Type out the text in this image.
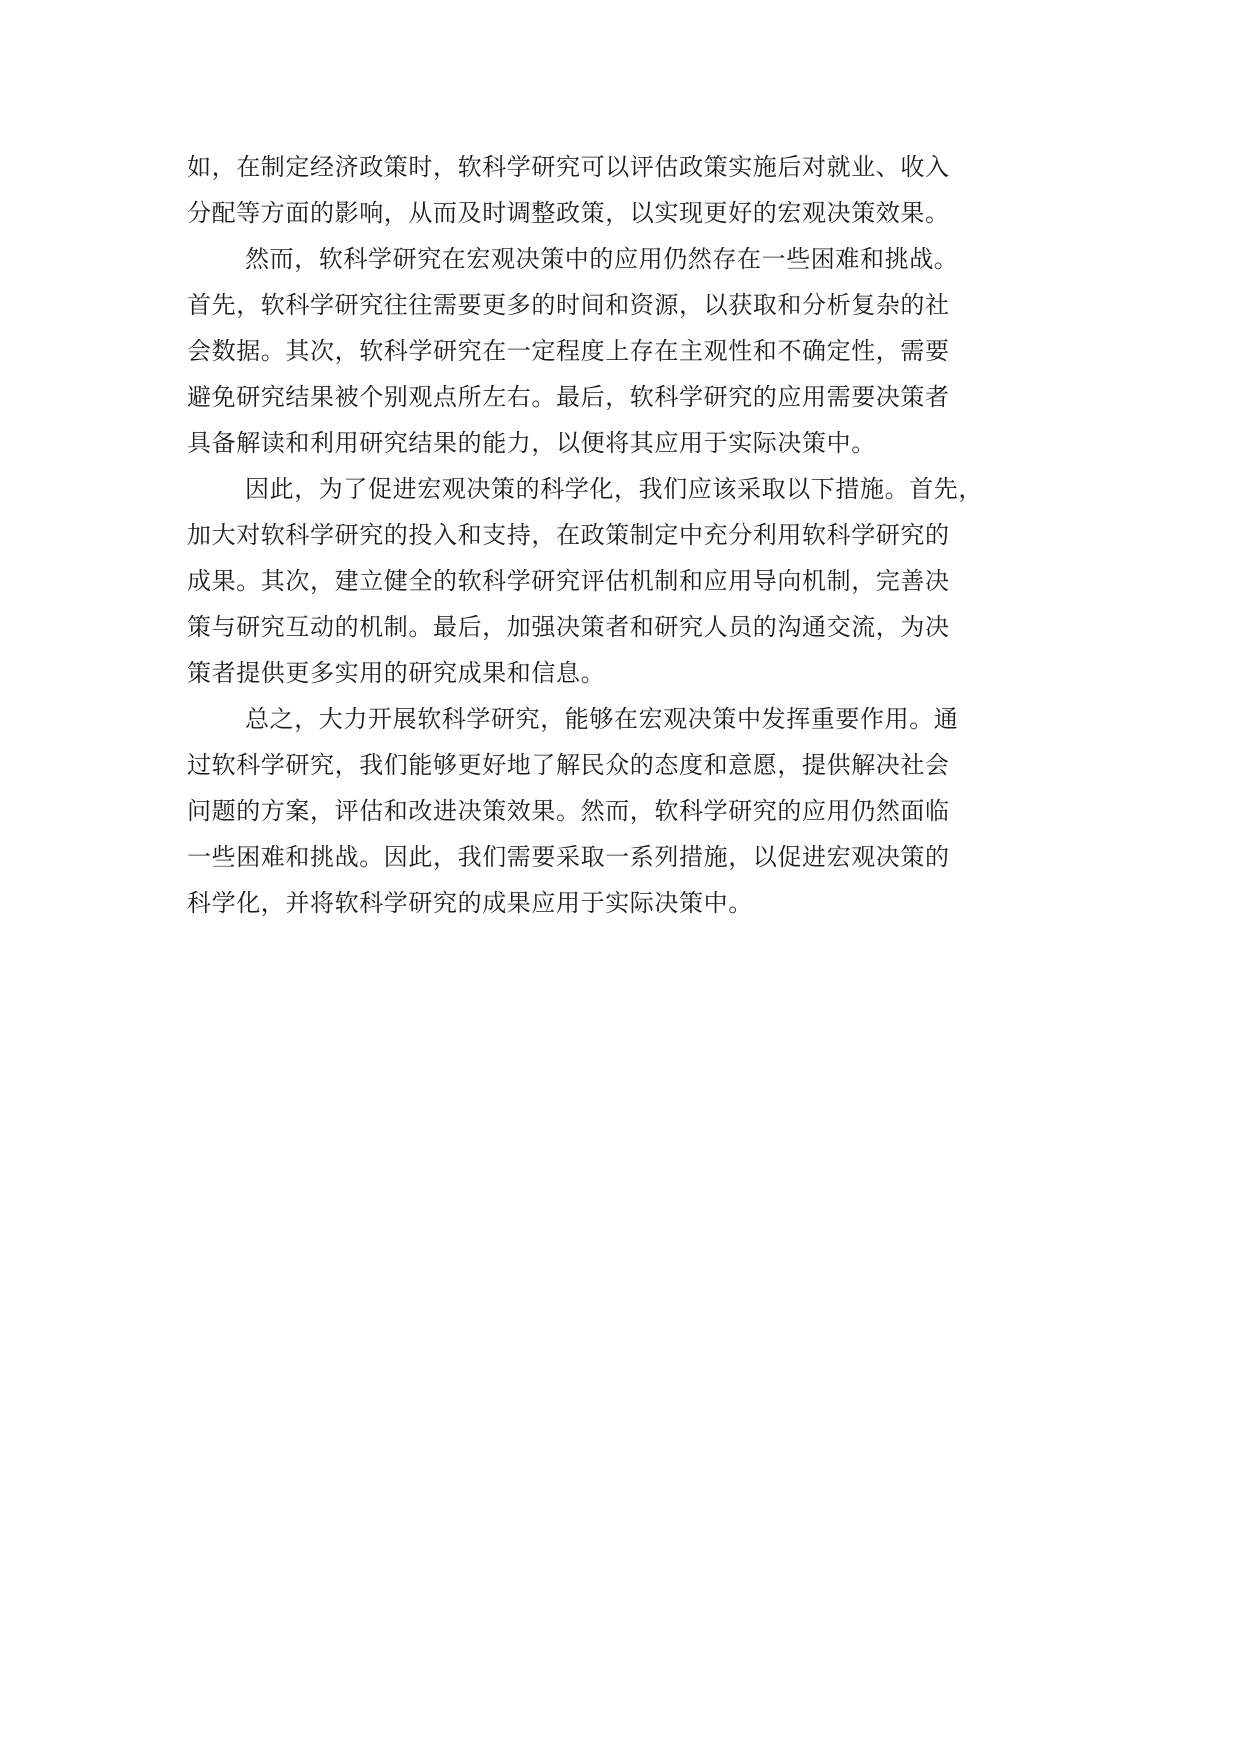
如，在制定经济政策时，软科学研究可以评估政策实施后对就业、收入
分配等方面的影响，从而及时调整政策，以实现更好的宏观决策效果。
然而，软科学研究在宏观决策中的应用仍然存在一些困难和挑战。
首先，软科学研究往往需要更多的时间和资源，以获取和分析复杂的社
会数据。其次，软科学研究在一定程度上存在主观性和不确定性，需要
避免研究结果被个别观点所左右。最后，软科学研究的应用需要决策者
具备解读和利用研究结果的能力，以便将其应用于实际决策中。
因此，为了促进宏观决策的科学化，我们应该采取以下措施。首先，
加大对软科学研究的投入和支持，在政策制定中充分利用软科学研究的
成果。其次，建立健全的软科学研究评估机制和应用导向机制，完善决
策与研究互动的机制。最后，加强决策者和研究人员的沟通交流，为决
策者提供更多实用的研究成果和信息。
总之，大力开展软科学研究，能够在宏观决策中发挥重要作用。通
过软科学研究，我们能够更好地了解民众的态度和意愿，提供解决社会
问题的方案，评估和改进决策效果。然而，软科学研究的应用仍然面临
一些困难和挑战。因此，我们需要采取一系列措施，以促进宏观决策的
科学化，并将软科学研究的成果应用于实际决策中。
